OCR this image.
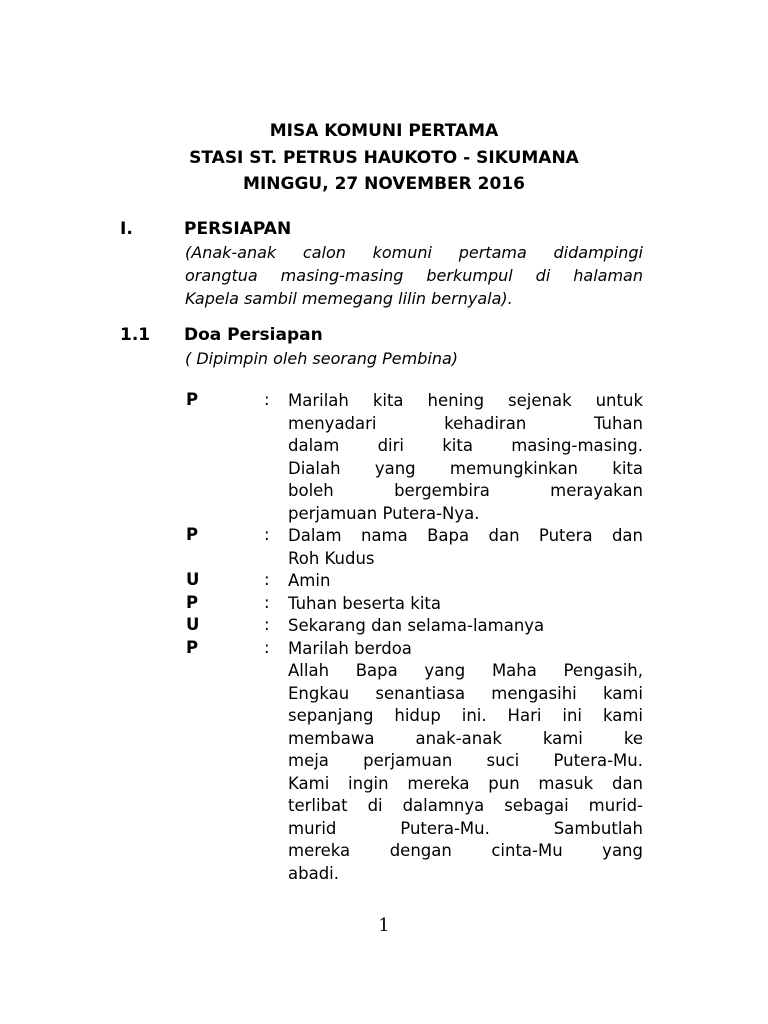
MISA KOMUNI PERTAMA
STASI ST. PETRUS HAUKOTO - SIKUMANA
MINGGU, 27 NOVEMBER 2016
I.	PERSIAPAN
(Anak-anak calon komuni pertama didampingi
orangtua masing-masing berkumpul di halaman
Kapela sambil memegang lilin bernyala).
1.1 Doa Persiapan
( Dipimpin oleh seorang Pembina)
P	: Marilah kita hening sejenak untuk
menyadari kehadiran Tuhan
dalam diri kita masing-masing.
Dialah yang memungkinkan kita
boleh bergembira merayakan
perjamuan Putera-Nya.
P	: Dalam nama Bapa dan Putera dan
Roh Kudus
U	: Amin
P	: Tuhan beserta kita
U	: Sekarang dan selama-lamanya
P	: Marilah berdoa
Allah Bapa yang Maha Pengasih,
Engkau senantiasa mengasihi kami
sepanjang hidup ini. Hari ini kami
membawa anak-anak kami ke
meja perjamuan suci Putera-Mu.
Kami ingin mereka pun masuk dan
terlibat di dalamnya sebagai murid-
murid Putera-Mu. Sambutlah
mereka dengan cinta-Mu yang
abadi.
1
